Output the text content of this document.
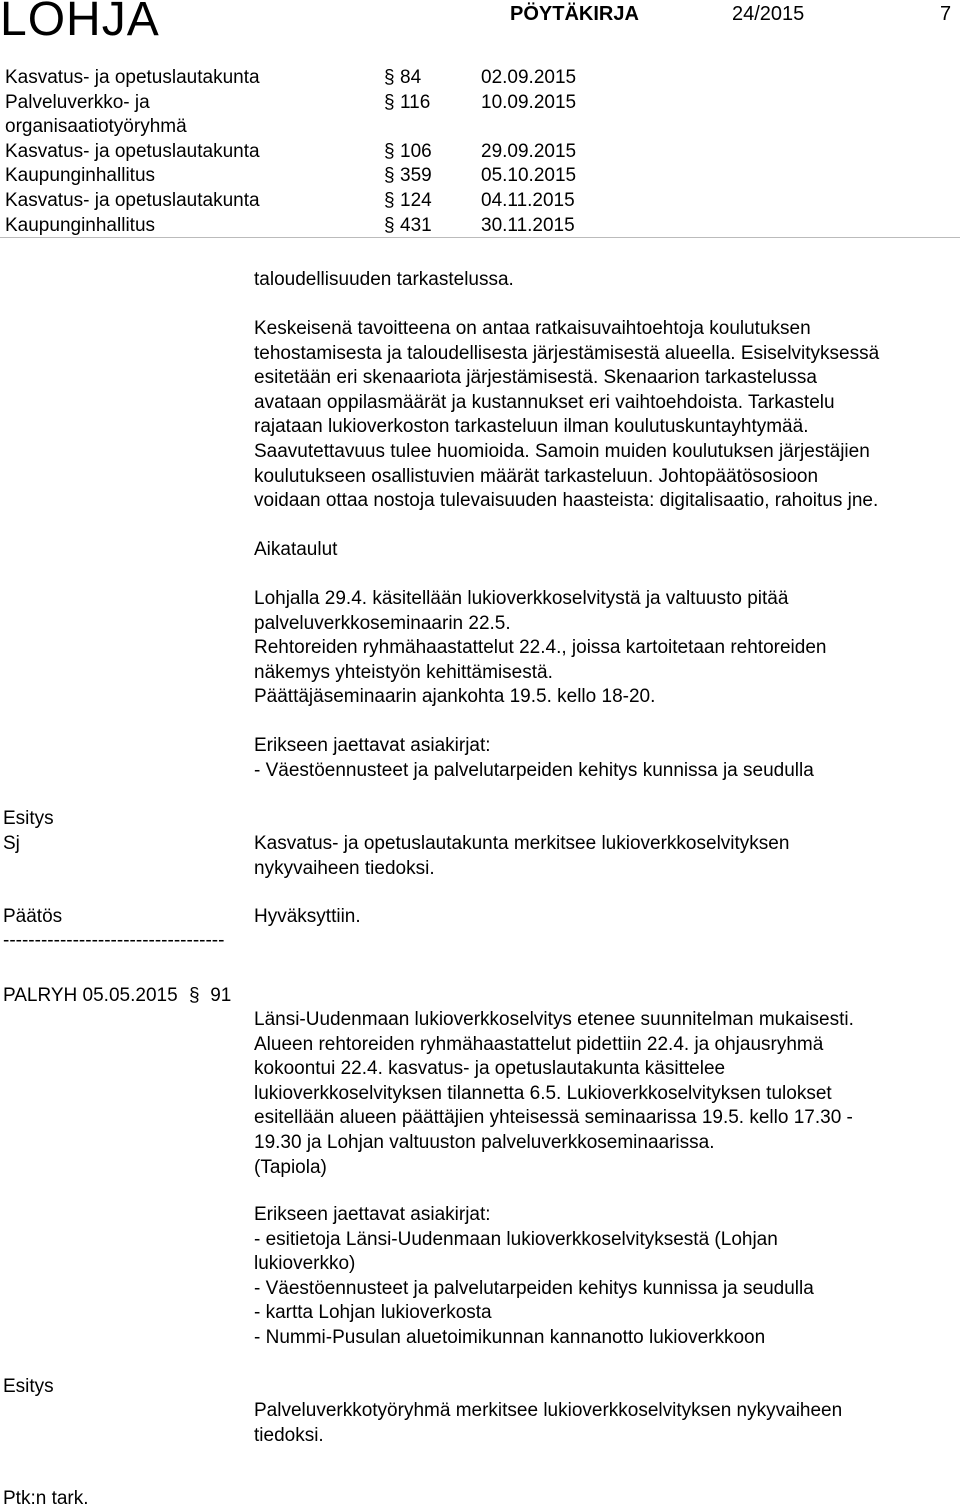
LOHJA	PÖYTÄKIRJA	24/2015	7
Kasvatus- ja opetuslautakunta	§ 84	02.09.2015
Palveluverkko- ja	§ 116	10.09.2015
organisaatiotyöryhmä
Kasvatus- ja opetuslautakunta	§ 106	29.09.2015
Kaupunginhallitus	§ 359	05.10.2015
Kasvatus- ja opetuslautakunta	§ 124	04.11.2015
Kaupunginhallitus	§ 431	30.11.2015
taloudellisuuden tarkastelussa.
Keskeisenä tavoitteena on antaa ratkaisuvaihtoehtoja koulutuksen
tehostamisesta ja taloudellisesta järjestämisestä alueella. Esiselvityksessä
esitetään eri skenaariota järjestämisestä. Skenaarion tarkastelussa
avataan oppilasmäärät ja kustannukset eri vaihtoehdoista. Tarkastelu
rajataan lukioverkoston tarkasteluun ilman koulutuskuntayhtymää.
Saavutettavuus tulee huomioida. Samoin muiden koulutuksen järjestäjien
koulutukseen osallistuvien määrät tarkasteluun. Johtopäätösosioon
voidaan ottaa nostoja tulevaisuuden haasteista: digitalisaatio, rahoitus jne.
Aikataulut
Lohjalla 29.4. käsitellään lukioverkkoselvitystä ja valtuusto pitää
palveluverkkoseminaarin 22.5.
Rehtoreiden ryhmähaastattelut 22.4., joissa kartoitetaan rehtoreiden
näkemys yhteistyön kehittämisestä.
Päättäjäseminaarin ajankohta 19.5. kello 18-20.
Erikseen jaettavat asiakirjat:
- Väestöennusteet ja palvelutarpeiden kehitys kunnissa ja seudulla
Esitys
Sj	Kasvatus- ja opetuslautakunta merkitsee lukioverkkoselvityksen
nykyvaiheen tiedoksi.
Päätös	Hyväksyttiin.
-----------------------------------
PALRYH 05.05.2015 § 91
Länsi-Uudenmaan lukioverkkoselvitys etenee suunnitelman mukaisesti.
Alueen rehtoreiden ryhmähaastattelut pidettiin 22.4. ja ohjausryhmä
kokoontui 22.4. kasvatus- ja opetuslautakunta käsittelee
lukioverkkoselvityksen tilannetta 6.5. Lukioverkkoselvityksen tulokset
esitellään alueen päättäjien yhteisessä seminaarissa 19.5. kello 17.30 -
19.30 ja Lohjan valtuuston palveluverkkoseminaarissa.
(Tapiola)
Erikseen jaettavat asiakirjat:
- esitietoja Länsi-Uudenmaan lukioverkkoselvityksestä (Lohjan
lukioverkko)
- Väestöennusteet ja palvelutarpeiden kehitys kunnissa ja seudulla
- kartta Lohjan lukioverkosta
- Nummi-Pusulan aluetoimikunnan kannanotto lukioverkkoon
Esitys
Palveluverkkotyöryhmä merkitsee lukioverkkoselvityksen nykyvaiheen
tiedoksi.
Ptk:n tark.
